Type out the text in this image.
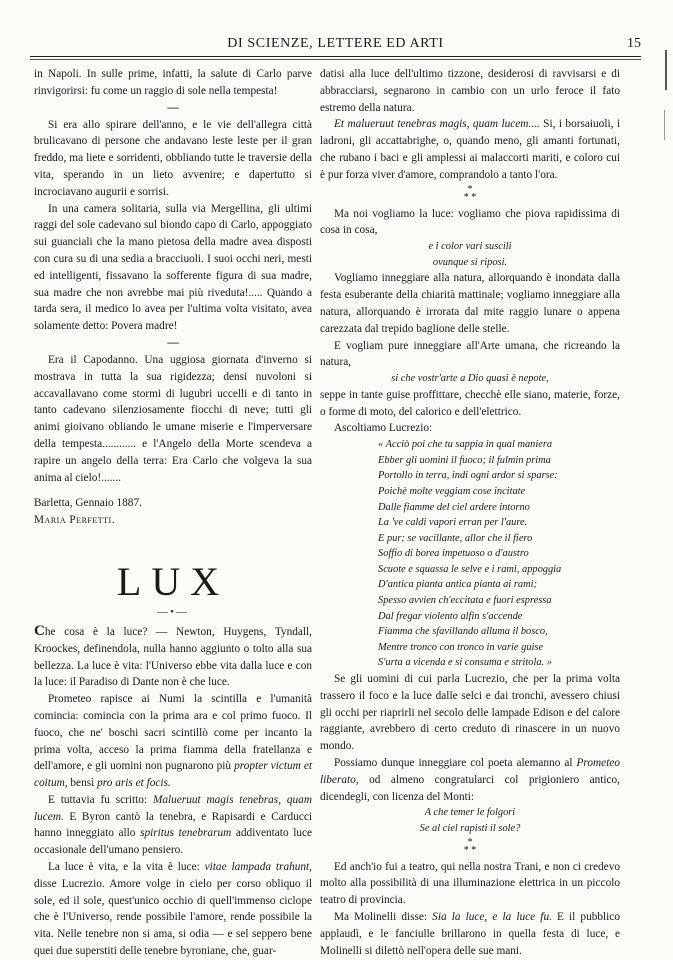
DI SCIENZE, LETTERE ED ARTI	15

in Napoli. In sulle prime, infatti, la salute di Carlo parve rinvigorirsi: fu come un raggio di sole nella tempesta!

—

Si era allo spirare dell'anno, e le vie dell'allegra città brulicavano di persone che andavano leste leste per il gran freddo, ma liete e sorridenti, obbliando tutte le traversie della vita, sperando in un lieto avvenire; e dapertutto si incrociavano augurii e sorrisi.

In una camera solitaria, sulla via Mergellina, gli ultimi raggi del sole cadevano sul biondo capo di Carlo, appoggiato sui guanciali che la mano pietosa della madre avea disposti con cura su di una sedia a bracciuoli. I suoi occhi neri, mesti ed intelligenti, fissavano la sofferente figura di sua madre, sua madre che non avrebbe mai più riveduta!..... Quando a tarda sera, il medico lo avea per l'ultima volta visitato, avea solamente detto: Povera madre!

—

Era il Capodanno. Una uggiosa giornata d'inverno si mostrava in tutta la sua rigidezza; densi nuvoloni si accavallavano come stormi di lugubri uccelli e di tanto in tanto cadevano silenziosamente fiocchi di neve; tutti gli animi gioivano obliando le umane miserie e l'imperversare della tempesta............ e l'Angelo della Morte scendeva a rapire un angelo della terra: Era Carlo che volgeva la sua anima al cielo!.......

Barletta, Gennaio 1887.

Maria Perfetti.

LUX
—•—

Che cosa è la luce? — Newton, Huygens, Tyndall, Kroockes, definendola, nulla hanno aggiunto o tolto alla sua bellezza. La luce è vita: l'Universo ebbe vita dalla luce e con la luce: il Paradiso di Dante non è che luce.

Prometeo rapisce ai Numi la scintilla e l'umanità comincia: comincia con la prima ara e col primo fuoco. Il fuoco, che ne' boschi sacri scintillò come per incanto la prima volta, acceso la prima fiamma della fratellanza e dell'amore, e gli uomini non pugnarono più propter victum et coitum, bensì pro aris et focis.

E tuttavia fu scritto: Malueruut magis tenebras, quam lucem. E Byron cantò la tenebra, e Rapisardi e Carducci hanno inneggiato allo spiritus tenebrarum addiventato luce occasionale dell'umano pensiero.

La luce è vita, e la vita è luce: vitae lampada trahunt, disse Lucrezio. Amore volge in cielo per corso obliquo il sole, ed il sole, quest'unico occhio di quell'immenso ciclope che è l'Universo, rende possibile l'amore, rende possibile la vita. Nelle tenebre non si ama, si odia — e sel seppero bene quei due superstiti delle tenebre byroniane, che, guar-

datisi alla luce dell'ultimo tizzone, desiderosi di ravvisarsi e di abbracciarsi, segnarono in cambio con un urlo feroce il fato estremo della natura.

Et malueruut tenebras magis, quam lucem.... Si, i borsaiuoli, i ladroni, gli accattabrighe, o, quando meno, gli amanti fortunati, che rubano i baci e gli amplessi ai malaccorti mariti, e coloro cui è pur forza viver d'amore, comprandolo a tanto l'ora.

*
* *

Ma noi vogliamo la luce: vogliamo che piova rapidissima di cosa in cosa,

e i color vari suscili
ovunque si riposi.

Vogliamo inneggiare alla natura, allorquando è inondata dalla festa esuberante della chiarità mattinale; vogliamo inneggiare alla natura, allorquando è irrorata dal mite raggio lunare o appena carezzata dal trepido baglione delle stelle.

E vogliam pure inneggiare all'Arte umana, che ricreando la natura,

si che vostr'arte a Dio quasi è nepote,

seppe in tante guise proffittare, checchè elle siano, materie, forze, o forme di moto, del calorico e dell'elettrico.

Ascoltiamo Lucrezio:

« Acciò poi che tu sappia in qual maniera
Ebber gli uomini il fuoco; il fulmin prima
Portollo in terra, indi ogni ardor si sparse:
Poichè molte veggiam cose incitate
Dalle fiamme del ciel ardere intorno
La 've caldi vapori erran per l'aure.
E pur; se vacillante, allor che il fiero
Soffio di borea impetuoso o d'austro
Scuote e squassa le selve e i rami, appoggia
D'antica pianta antica pianta ai rami;
Spesso avvien ch'eccitata e fuori espressa
Dal fregar violento alfin s'accende
Fiamma che sfavillando alluma il bosco,
Mentre tronco con tronco in varie guise
S'urta a vicenda e si consuma e stritola. »

Se gli uomini di cui parla Lucrezio, che per la prima volta trassero il foco e la luce dalle selci e dai tronchi, avessero chiusi gli occhi per riaprirli nel secolo delle lampade Edison e del calore raggiante, avrebbero di certo creduto di rinascere in un nuovo mondo.

Possiamo dunque inneggiare col poeta alemanno al Prometeo liberato, od almeno congratularci col prigioniero antico, dicendegli, con licenza del Monti:

A che temer le folgori
Se al ciel rapisti il sole?
*
* *

Ed anch'io fui a teatro, qui nella nostra Trani, e non ci credevo molto alla possibilità di una illuminazione elettrica in un piccolo teatro di provincia.

Ma Molinelli disse: Sia la luce, e la luce fu. E il pubblico applaudì, e le fanciulle brillarono in quella festa di luce, e Molinelli si dilettò nell'opera delle sue mani.
